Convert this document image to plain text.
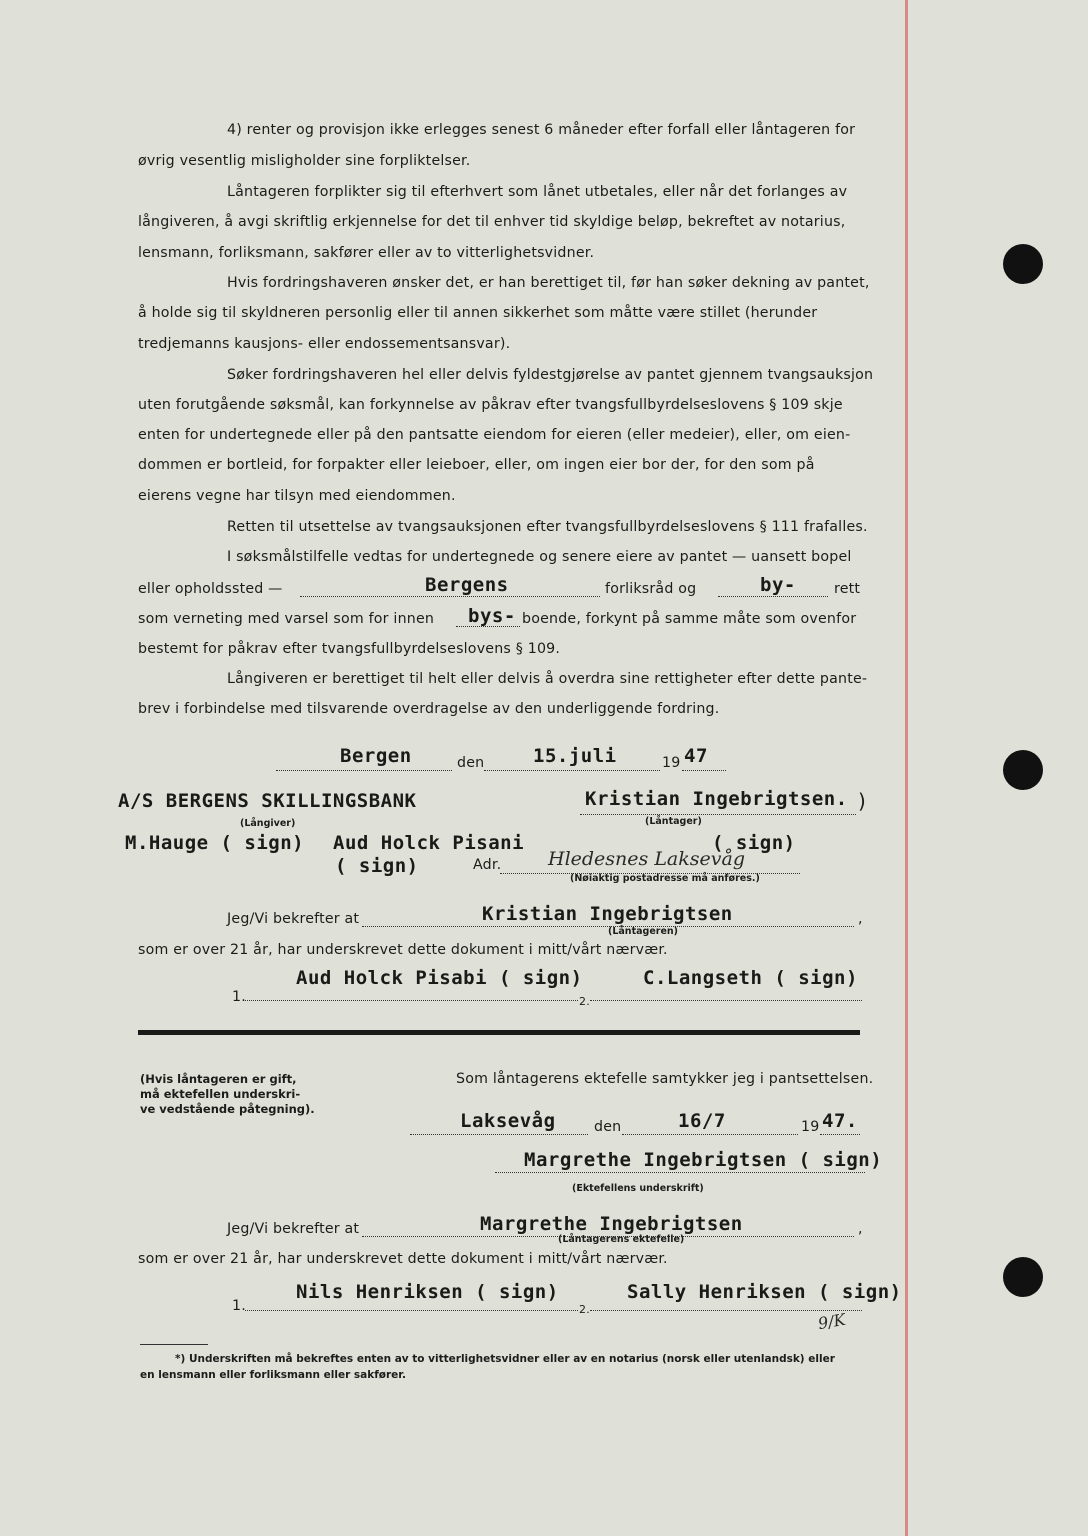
4) renter og provisjon ikke erlegges senest 6 måneder efter forfall eller låntageren for
øvrig vesentlig misligholder sine forpliktelser.
Låntageren forplikter sig til efterhvert som lånet utbetales, eller når det forlanges av
långiveren, å avgi skriftlig erkjennelse for det til enhver tid skyldige beløp, bekreftet av notarius,
lensmann, forliksmann, sakfører eller av to vitterlighetsvidner.
Hvis fordringshaveren ønsker det, er han berettiget til, før han søker dekning av pantet,
å holde sig til skyldneren personlig eller til annen sikkerhet som måtte være stillet (herunder
tredjemanns kausjons- eller endossementsansvar).
Søker fordringshaveren hel eller delvis fyldestgjørelse av pantet gjennem tvangsauksjon
uten forutgående søksmål, kan forkynnelse av påkrav efter tvangsfullbyrdelseslovens § 109 skje
enten for undertegnede eller på den pantsatte eiendom for eieren (eller medeier), eller, om eien-
dommen er bortleid, for forpakter eller leieboer, eller, om ingen eier bor der, for den som på
eierens vegne har tilsyn med eiendommen.
Retten til utsettelse av tvangsauksjonen efter tvangsfullbyrdelseslovens § 111 frafalles.
I søksmålstilfelle vedtas for undertegnede og senere eiere av pantet — uansett bopel
eller opholdssted —	Bergens	forliksråd og	by-	rett
som verneting med varsel som for innen bys- boende, forkynt på samme måte som ovenfor
bestemt for påkrav efter tvangsfullbyrdelseslovens § 109.
Långiveren er berettiget til helt eller delvis å overdra sine rettigheter efter dette pante-
brev i forbindelse med tilsvarende overdragelse av den underliggende fordring.
Bergen	den	15.juli	19 47
A/S BERGENS SKILLINGSBANK	Kristian Ingebrigtsen. )
(Långiver)	(Låntager)
M.Hauge ( sign) Aud Holck Pisani
( sign)
( sign)
Adr. Hledesnes Laksevåg
(Nøiaktig postadresse må anføres.)
Jeg/Vi bekrefter at	Kristian Ingebrigtsen	,
(Låntageren)
som er over 21 år, har underskrevet dette dokument i mitt/vårt nærvær.
1.
Aud Holck Pisabi ( sign)
2.
C.Langseth ( sign)
(Hvis låntageren er gift,
må ektefellen underskri-
ve vedstående påtegning).
Som låntagerens ektefelle samtykker jeg i pantsettelsen.
Laksevåg	den	16/7	19 47.
Margrethe Ingebrigtsen ( sign)
(Ektefellens underskrift)
Jeg/Vi bekrefter at	Margrethe Ingebrigtsen	,
(Låntagerens ektefelle)
som er over 21 år, har underskrevet dette dokument i mitt/vårt nærvær.
1.
Nils Henriksen ( sign)
2.
Sally Henriksen ( sign)
9/K
*) Underskriften må bekreftes enten av to vitterlighetsvidner eller av en notarius (norsk eller utenlandsk) eller
en lensmann eller forliksmann eller sakfører.
